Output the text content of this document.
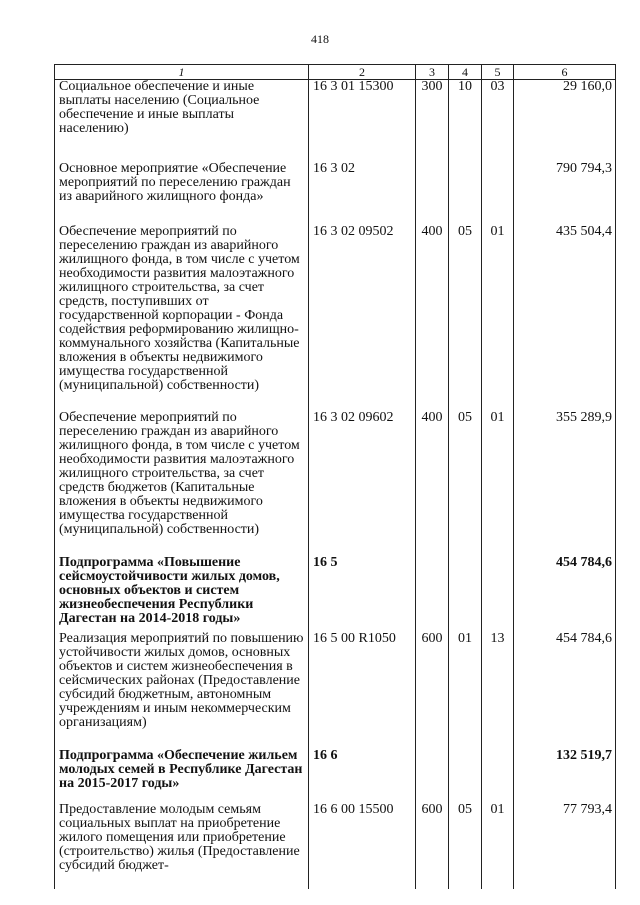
418
1	2	3	4	5	6
Социальное обеспечение и иные выплаты населению (Социальное обеспечение и иные выплаты населению)	16 3 01 15300	300	10	03	29 160,0
Основное мероприятие «Обеспечение мероприятий по переселению граждан из аварийного жилищного фонда»	16 3 02				790 794,3
Обеспечение мероприятий по переселению граждан из аварийного жилищного фонда, в том числе с учетом необходимости развития малоэтажного жилищного строительства, за счет средств, поступивших от государственной корпорации - Фонда содействия реформированию жилищно-коммунального хозяйства (Капитальные вложения в объекты недвижимого имущества государственной (муниципальной) собственности)	16 3 02 09502	400	05	01	435 504,4
Обеспечение мероприятий по переселению граждан из аварийного жилищного фонда, в том числе с учетом необходимости развития малоэтажного жилищного строительства, за счет средств бюджетов (Капитальные вложения в объекты недвижимого имущества государственной (муниципальной) собственности)	16 3 02 09602	400	05	01	355 289,9
Подпрограмма «Повышение сейсмоустойчивости жилых домов, основных объектов и систем жизнеобеспечения Республики Дагестан на 2014-2018 годы»	16 5				454 784,6
Реализация мероприятий по повышению устойчивости жилых домов, основных объектов и систем жизнеобеспечения в сейсмических районах (Предоставление субсидий бюджетным, автономным учреждениям и иным некоммерческим организациям)	16 5 00 R1050	600	01	13	454 784,6
Подпрограмма «Обеспечение жильем молодых семей в Республике Дагестан на 2015-2017 годы»	16 6				132 519,7
Предоставление молодым семьям социальных выплат на приобретение жилого помещения или приобретение (строительство) жилья (Предоставление субсидий бюджет-	16 6 00 15500	600	05	01	77 793,4
